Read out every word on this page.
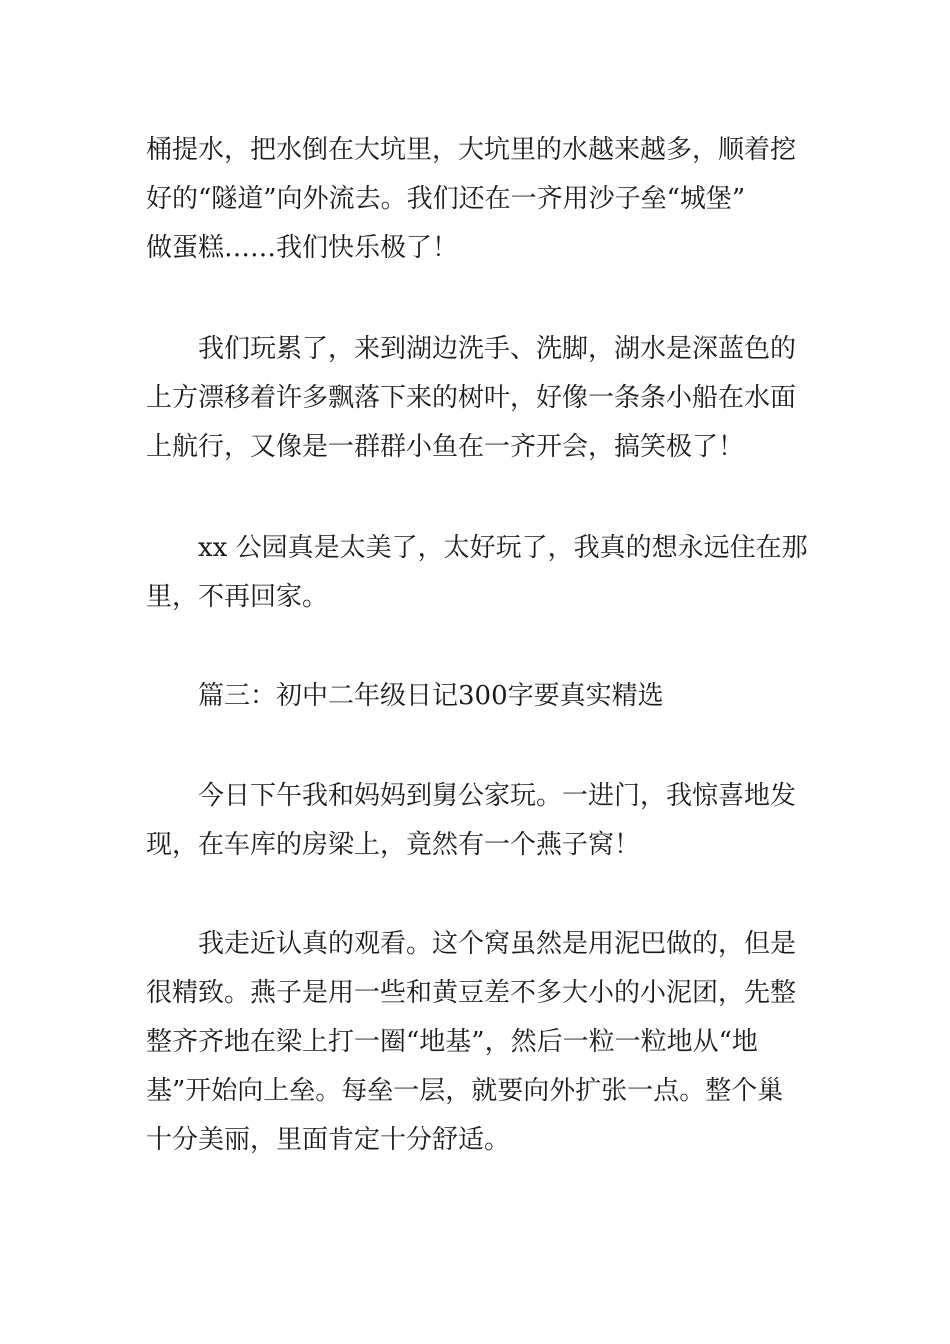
桶提水，把水倒在大坑里，大坑里的水越来越多，顺着挖
好的“隧道”向外流去。我们还在一齐用沙子垒“城堡”
做蛋糕……我们快乐极了！
我们玩累了，来到湖边洗手、洗脚，湖水是深蓝色的
上方漂移着许多飘落下来的树叶，好像一条条小船在水面
上航行，又像是一群群小鱼在一齐开会，搞笑极了！
xx 公园真是太美了，太好玩了，我真的想永远住在那
里，不再回家。
篇三：初中二年级日记300字要真实精选
今日下午我和妈妈到舅公家玩。一进门，我惊喜地发
现，在车库的房梁上，竟然有一个燕子窝！
我走近认真的观看。这个窝虽然是用泥巴做的，但是
很精致。燕子是用一些和黄豆差不多大小的小泥团，先整
整齐齐地在梁上打一圈“地基”，然后一粒一粒地从“地
基”开始向上垒。每垒一层，就要向外扩张一点。整个巢
十分美丽，里面肯定十分舒适。
